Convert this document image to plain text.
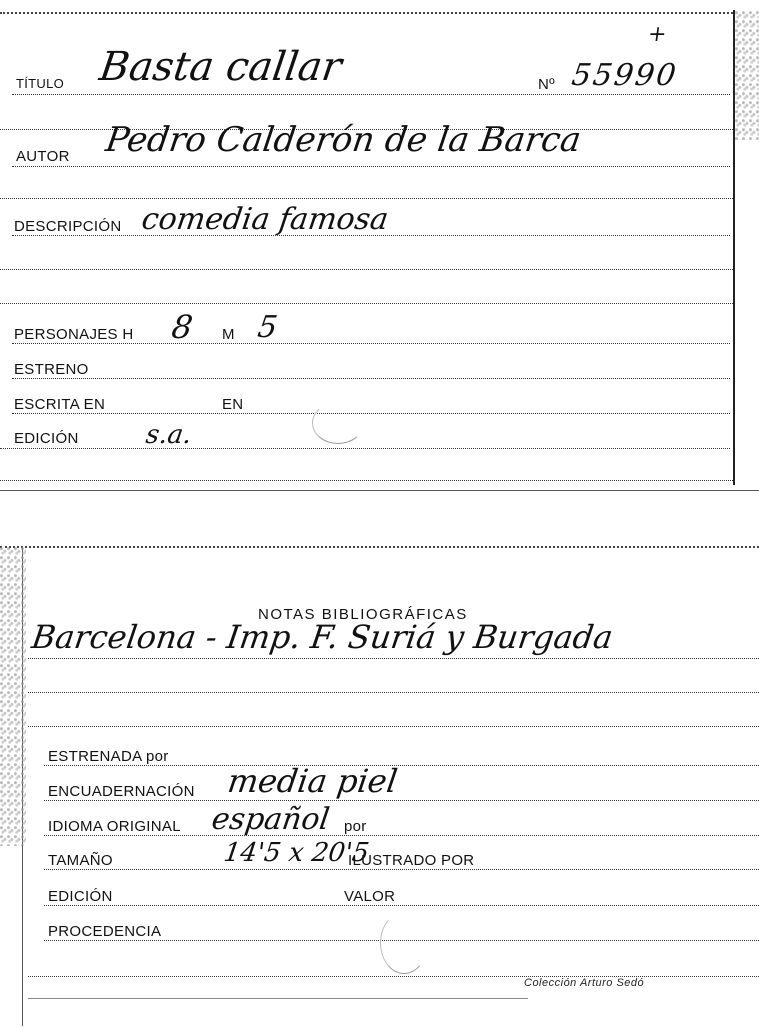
+
TÍTULO Basta callar	Nº 55990
AUTOR Pedro Calderón de la Barca
DESCRIPCIÓN comedia famosa
PERSONAJES H 8 M 5
ESTRENO
ESCRITA EN	EN
EDICIÓN	s.a.
NOTAS BIBLIOGRÁFICAS
Barcelona - Imp. F. Suriá y Burgada
ESTRENADA por
ENCUADERNACIÓN media piel
IDIOMA ORIGINAL español por
TAMAÑO	14'5 x 20'5
ILUSTRADO POR
EDICIÓN	VALOR
PROCEDENCIA
Colección Arturo Sedó
